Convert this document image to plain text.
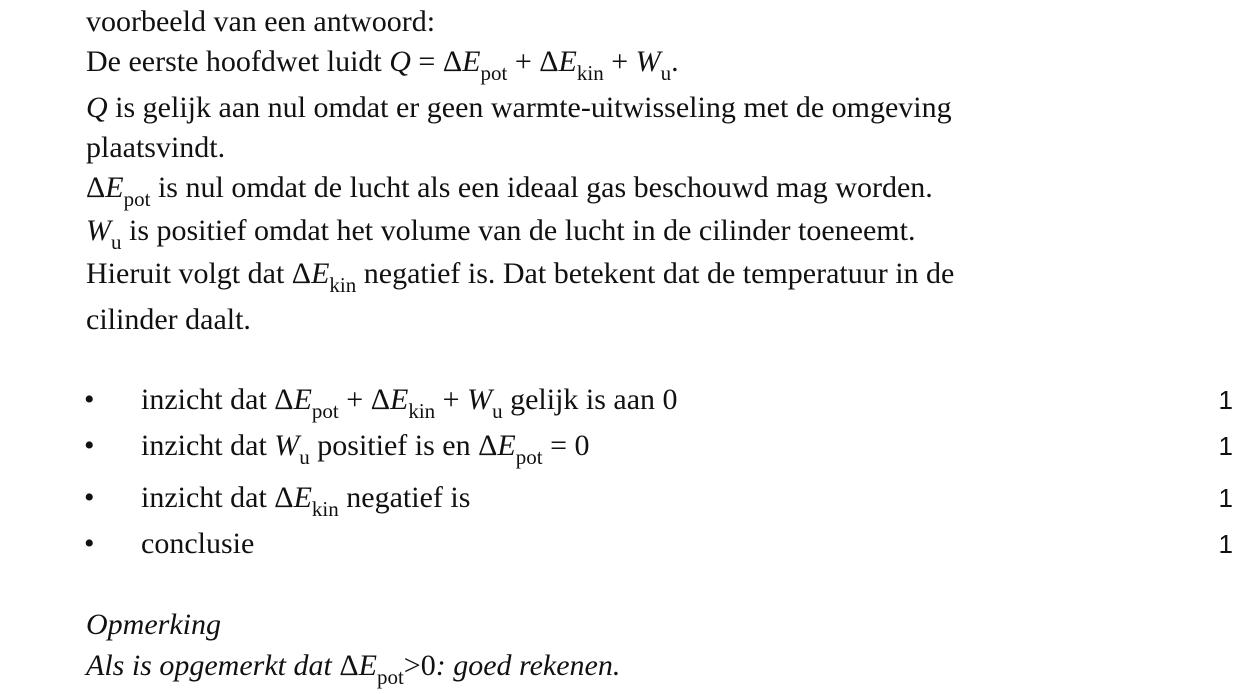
voorbeeld van een antwoord:
De eerste hoofdwet luidt $Q = \Delta E_{pot} + \Delta E_{kin} + W_u$.
Q is gelijk aan nul omdat er geen warmte-uitwisseling met de omgeving
plaatsvindt.
$\Delta E_{pot}$ is nul omdat de lucht als een ideaal gas beschouwd mag worden.
$W_u$ is positief omdat het volume van de lucht in de cilinder toeneemt.
Hieruit volgt dat $\Delta E_{kin}$ negatief is. Dat betekent dat de temperatuur in de
cilinder daalt.
• inzicht dat $\Delta E_{pot} + \Delta E_{kin} + W_u$ gelijk is aan 0	1
• inzicht dat $W_u$ positief is en $\Delta E_{pot} = 0$	1
• inzicht dat $\Delta E_{kin}$ negatief is	1
• conclusie	1
Opmerking
Als is opgemerkt dat $\Delta E_{pot}>0$: goed rekenen.
